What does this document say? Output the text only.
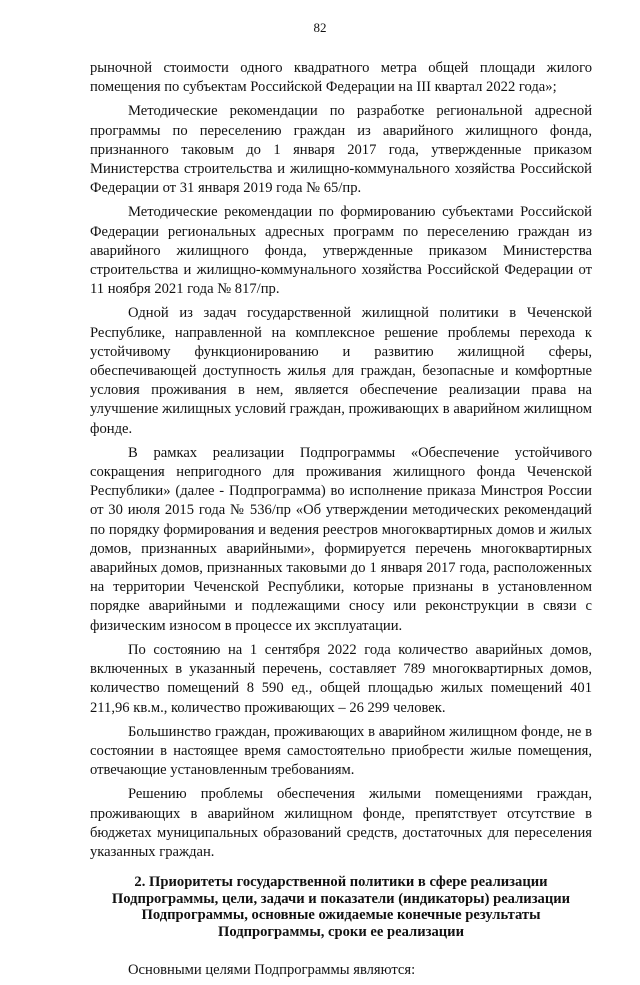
82

рыночной стоимости одного квадратного метра общей площади жилого помещения по субъектам Российской Федерации на III квартал 2022 года»;

Методические рекомендации по разработке региональной адресной программы по переселению граждан из аварийного жилищного фонда, признанного таковым до 1 января 2017 года, утвержденные приказом Министерства строительства и жилищно-коммунального хозяйства Российской Федерации от 31 января 2019 года № 65/пр.

Методические рекомендации по формированию субъектами Российской Федерации региональных адресных программ по переселению граждан из аварийного жилищного фонда, утвержденные приказом Министерства строительства и жилищно-коммунального хозяйства Российской Федерации от 11 ноября 2021 года № 817/пр.

Одной из задач государственной жилищной политики в Чеченской Республике, направленной на комплексное решение проблемы перехода к устойчивому функционированию и развитию жилищной сферы, обеспечивающей доступность жилья для граждан, безопасные и комфортные условия проживания в нем, является обеспечение реализации права на улучшение жилищных условий граждан, проживающих в аварийном жилищном фонде.

В рамках реализации Подпрограммы «Обеспечение устойчивого сокращения непригодного для проживания жилищного фонда Чеченской Республики» (далее - Подпрограмма) во исполнение приказа Минстроя России от 30 июля 2015 года № 536/пр «Об утверждении методических рекомендаций по порядку формирования и ведения реестров многоквартирных домов и жилых домов, признанных аварийными», формируется перечень многоквартирных аварийных домов, признанных таковыми до 1 января 2017 года, расположенных на территории Чеченской Республики, которые признаны в установленном порядке аварийными и подлежащими сносу или реконструкции в связи с физическим износом в процессе их эксплуатации.

По состоянию на 1 сентября 2022 года количество аварийных домов, включенных в указанный перечень, составляет 789 многоквартирных домов, количество помещений 8 590 ед., общей площадью жилых помещений 401 211,96 кв.м., количество проживающих – 26 299 человек.

Большинство граждан, проживающих в аварийном жилищном фонде, не в состоянии в настоящее время самостоятельно приобрести жилые помещения, отвечающие установленным требованиям.

Решению проблемы обеспечения жилыми помещениями граждан, проживающих в аварийном жилищном фонде, препятствует отсутствие в бюджетах муниципальных образований средств, достаточных для переселения указанных граждан.

2. Приоритеты государственной политики в сфере реализации
Подпрограммы, цели, задачи и показатели (индикаторы) реализации
Подпрограммы, основные ожидаемые конечные результаты
Подпрограммы, сроки ее реализации

Основными целями Подпрограммы являются:
